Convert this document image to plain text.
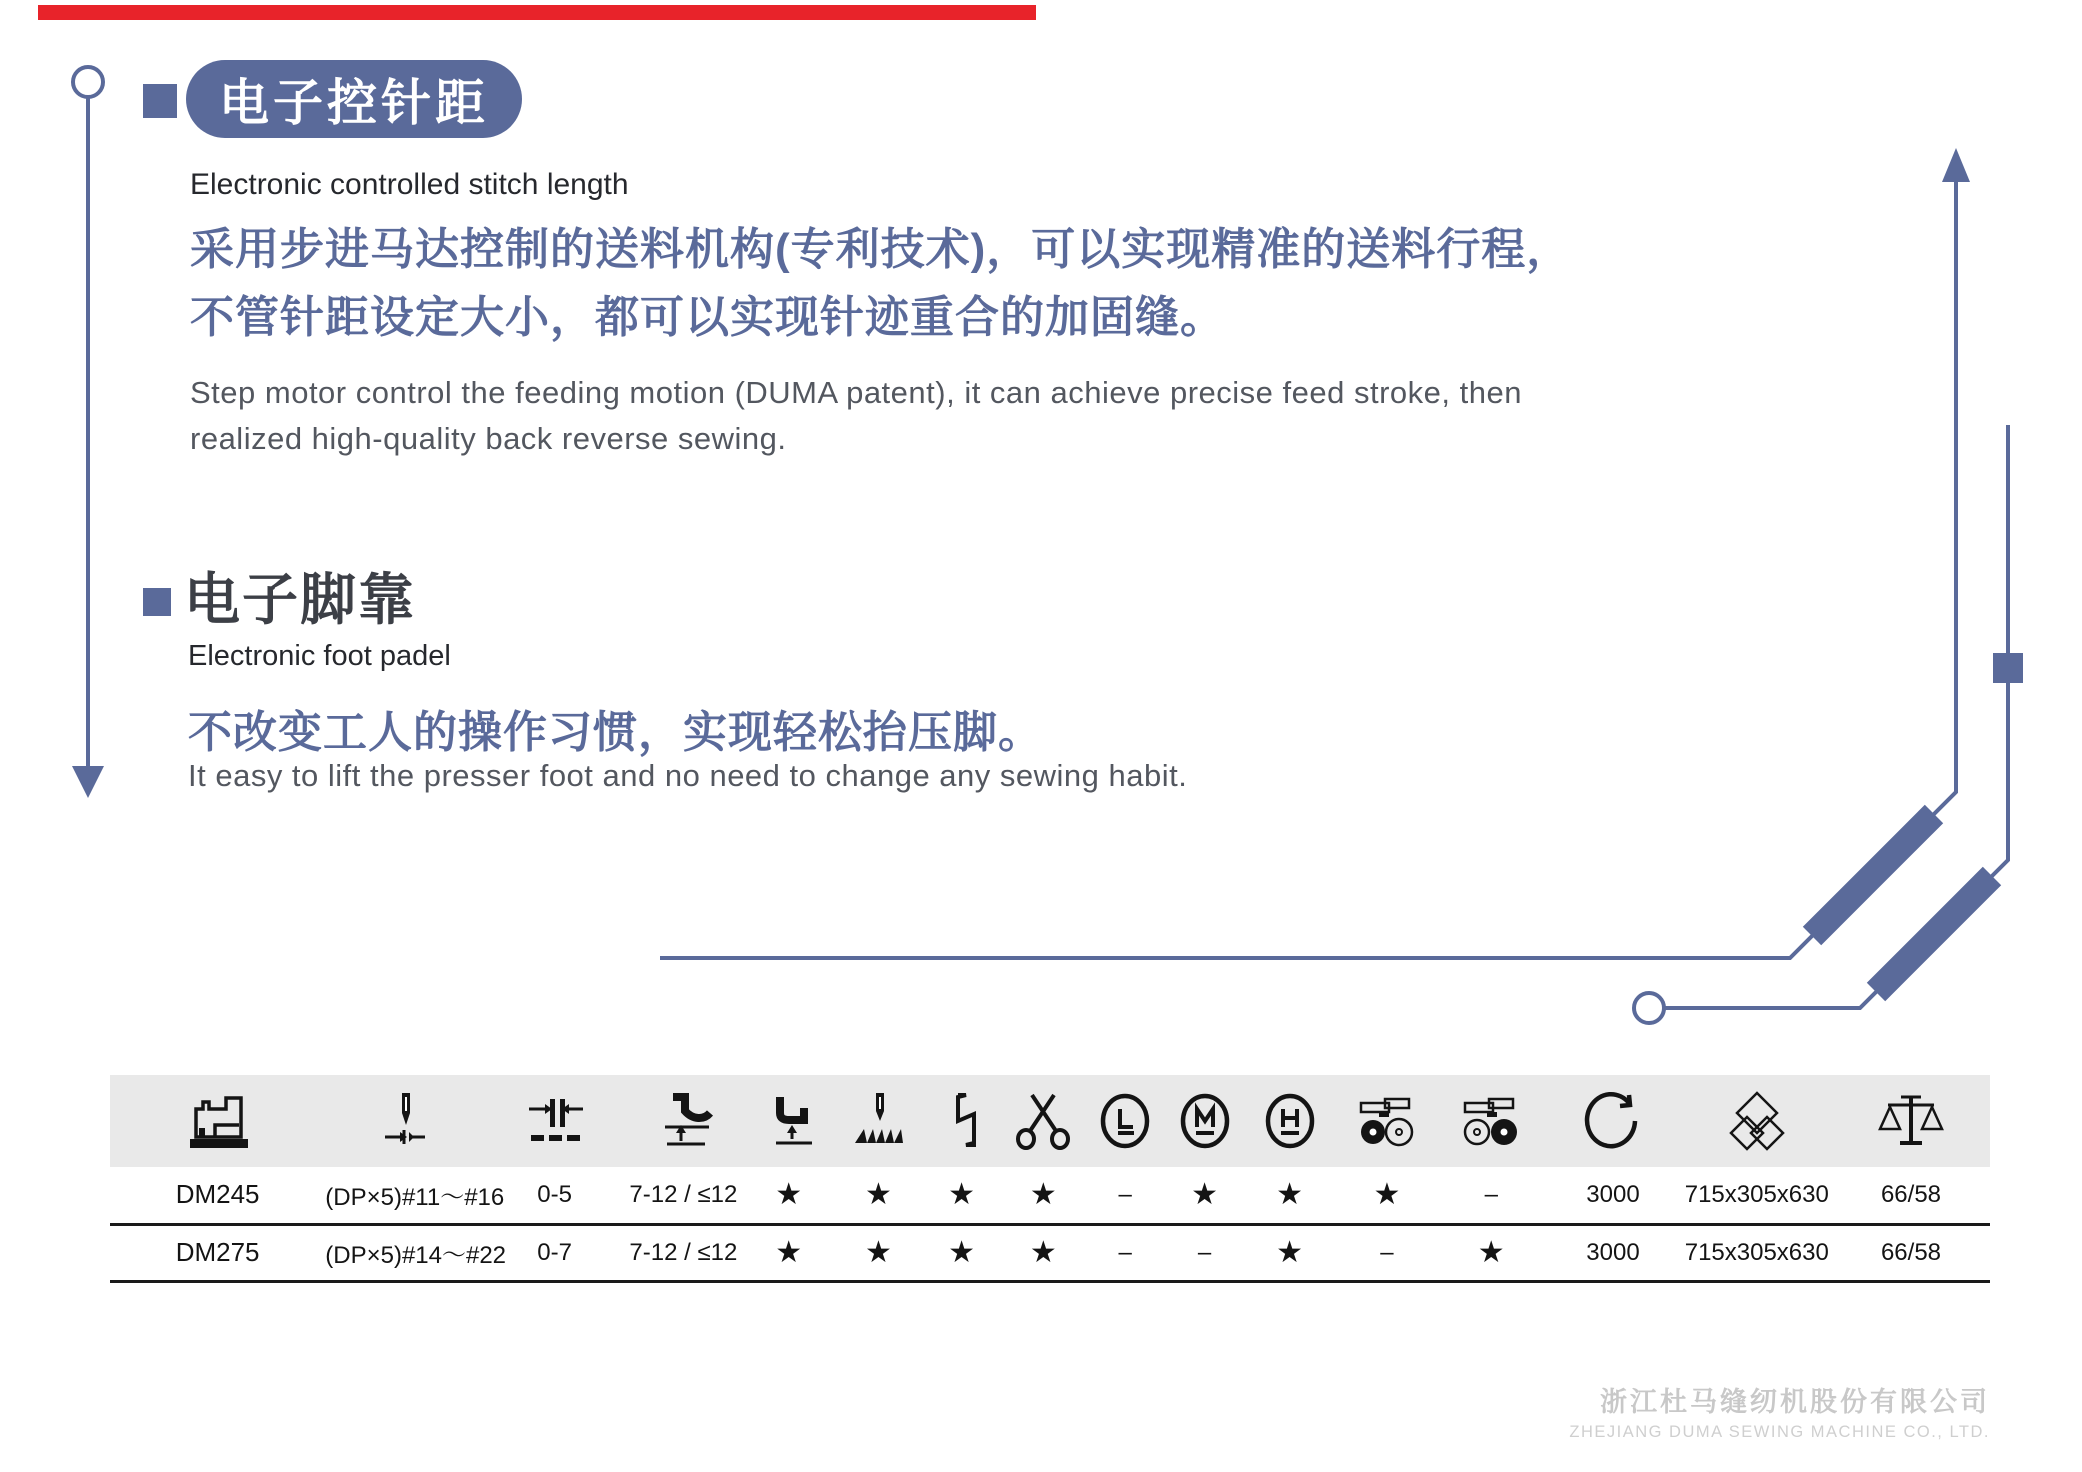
电子控针距
Electronic controlled stitch length
采用步进马达控制的送料机构(专利技术)，可以实现精准的送料行程，
不管针距设定大小，都可以实现针迹重合的加固缝。
Step motor control the feeding motion (DUMA patent), it can achieve precise feed stroke, then
realized high-quality back reverse sewing.
电子脚靠
Electronic foot padel
不改变工人的操作习惯，实现轻松抬压脚。
It easy to lift the presser foot and no need to change any sewing habit.

DM245	(DP×5)#11～#16	0-5	7-12 / ≤12	★	★	★	★	–	★	★	★	–	3000	715x305x630	66/58
DM275	(DP×5)#14～#22	0-7	7-12 / ≤12	★	★	★	★	–	–	★	–	★	3000	715x305x630	66/58
浙江杜马缝纫机股份有限公司
ZHEJIANG DUMA SEWING MACHINE CO., LTD.
